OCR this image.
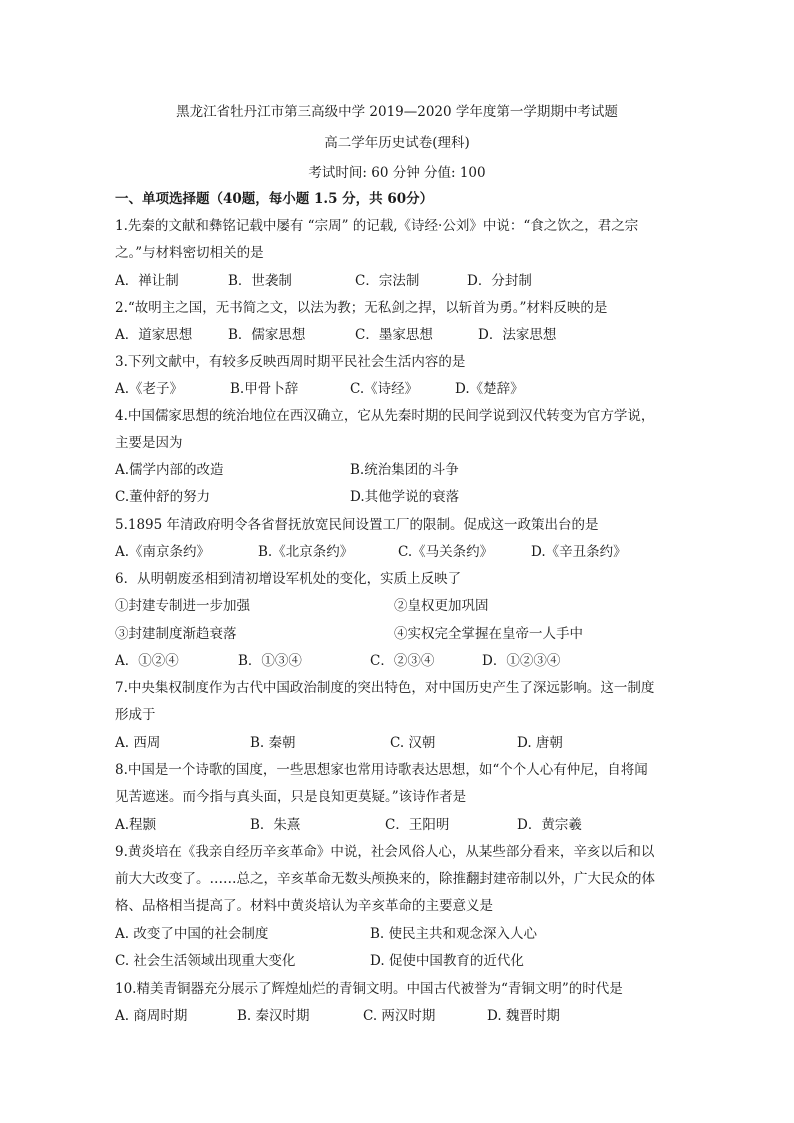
黑龙江省牡丹江市第三高级中学 2019—2020 学年度第一学期期中考试题
高二学年历史试卷(理科)
考试时间: 60 分钟 分值: 100
一、单项选择题（40题，每小题 1.5 分，共 60分）
1.先秦的文献和彝铭记载中屡有 “宗周” 的记载,《诗经·公刘》中说：“食之饮之，君之宗
之。”与材料密切相关的是
A．禅让制	B．世袭制	C．宗法制	D．分封制
2.“故明主之国，无书简之文，以法为教；无私剑之捍，以斩首为勇。”材料反映的是
A．道家思想	B．儒家思想	C．墨家思想	D．法家思想
3.下列文献中，有较多反映西周时期平民社会生活内容的是
A.《老子》	B.甲骨卜辞	C.《诗经》	D.《楚辞》
4.中国儒家思想的统治地位在西汉确立，它从先秦时期的民间学说到汉代转变为官方学说，
主要是因为
A.儒学内部的改造	B.统治集团的斗争
C.董仲舒的努力	D.其他学说的衰落
5.1895 年清政府明令各省督抚放宽民间设置工厂的限制。促成这一政策出台的是
A.《南京条约》	B.《北京条约》	C.《马关条约》	D.《辛丑条约》
6．从明朝废丞相到清初增设军机处的变化，实质上反映了
①封建专制进一步加强	②皇权更加巩固
③封建制度渐趋衰落	④实权完全掌握在皇帝一人手中
A．①②④	B．①③④	C．②③④	D．①②③④
7.中央集权制度作为古代中国政治制度的突出特色，对中国历史产生了深远影响。这一制度
形成于
A. 西周	B. 秦朝	C. 汉朝	D. 唐朝
8.中国是一个诗歌的国度，一些思想家也常用诗歌表达思想，如“个个人心有仲尼，自将闻
见苦遮迷。而今指与真头面，只是良知更莫疑。”该诗作者是
A.程颢	B．朱熹	C．王阳明	D．黄宗羲
9.黄炎培在《我亲自经历辛亥革命》中说，社会风俗人心，从某些部分看来，辛亥以后和以
前大大改变了。……总之，辛亥革命无数头颅换来的，除推翻封建帝制以外，广大民众的体
格、品格相当提高了。材料中黄炎培认为辛亥革命的主要意义是
A. 改变了中国的社会制度	B. 使民主共和观念深入人心
C. 社会生活领域出现重大变化	D. 促使中国教育的近代化
10.精美青铜器充分展示了辉煌灿烂的青铜文明。中国古代被誉为“青铜文明”的时代是
A. 商周时期	B. 秦汉时期	C. 两汉时期	D. 魏晋时期
